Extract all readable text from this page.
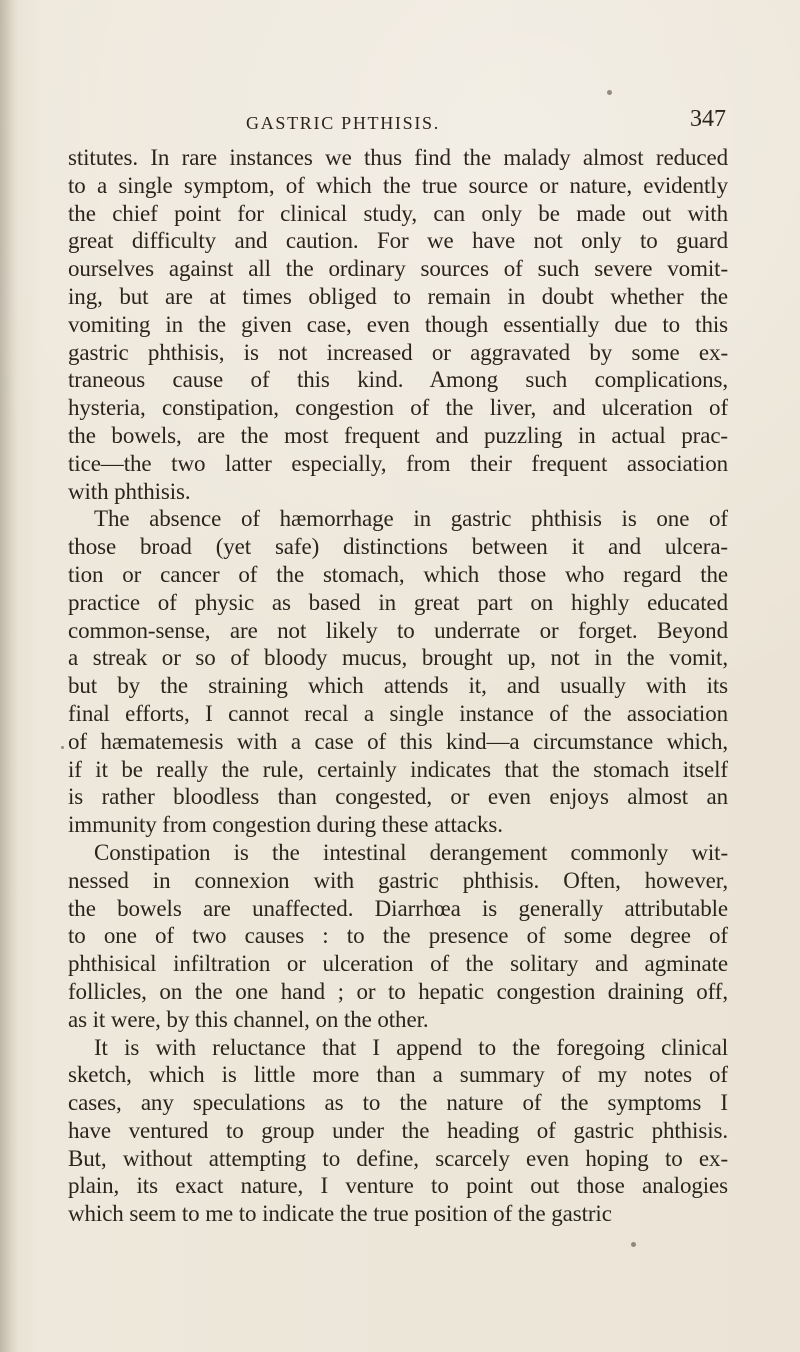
GASTRIC PHTHISIS.	347
stitutes. In rare instances we thus find the malady almost reduced
to a single symptom, of which the true source or nature, evidently
the chief point for clinical study, can only be made out with
great difficulty and caution. For we have not only to guard
ourselves against all the ordinary sources of such severe vomit-
ing, but are at times obliged to remain in doubt whether the
vomiting in the given case, even though essentially due to this
gastric phthisis, is not increased or aggravated by some ex-
traneous cause of this kind. Among such complications,
hysteria, constipation, congestion of the liver, and ulceration of
the bowels, are the most frequent and puzzling in actual prac-
tice—the two latter especially, from their frequent association
with phthisis.
The absence of hæmorrhage in gastric phthisis is one of
those broad (yet safe) distinctions between it and ulcera-
tion or cancer of the stomach, which those who regard the
practice of physic as based in great part on highly educated
common-sense, are not likely to underrate or forget. Beyond
a streak or so of bloody mucus, brought up, not in the vomit,
but by the straining which attends it, and usually with its
final efforts, I cannot recal a single instance of the association
of hæmatemesis with a case of this kind—a circumstance which,
if it be really the rule, certainly indicates that the stomach itself
is rather bloodless than congested, or even enjoys almost an
immunity from congestion during these attacks.
Constipation is the intestinal derangement commonly wit-
nessed in connexion with gastric phthisis. Often, however,
the bowels are unaffected. Diarrhœa is generally attributable
to one of two causes : to the presence of some degree of
phthisical infiltration or ulceration of the solitary and agminate
follicles, on the one hand ; or to hepatic congestion draining off,
as it were, by this channel, on the other.
It is with reluctance that I append to the foregoing clinical
sketch, which is little more than a summary of my notes of
cases, any speculations as to the nature of the symptoms I
have ventured to group under the heading of gastric phthisis.
But, without attempting to define, scarcely even hoping to ex-
plain, its exact nature, I venture to point out those analogies
which seem to me to indicate the true position of the gastric
